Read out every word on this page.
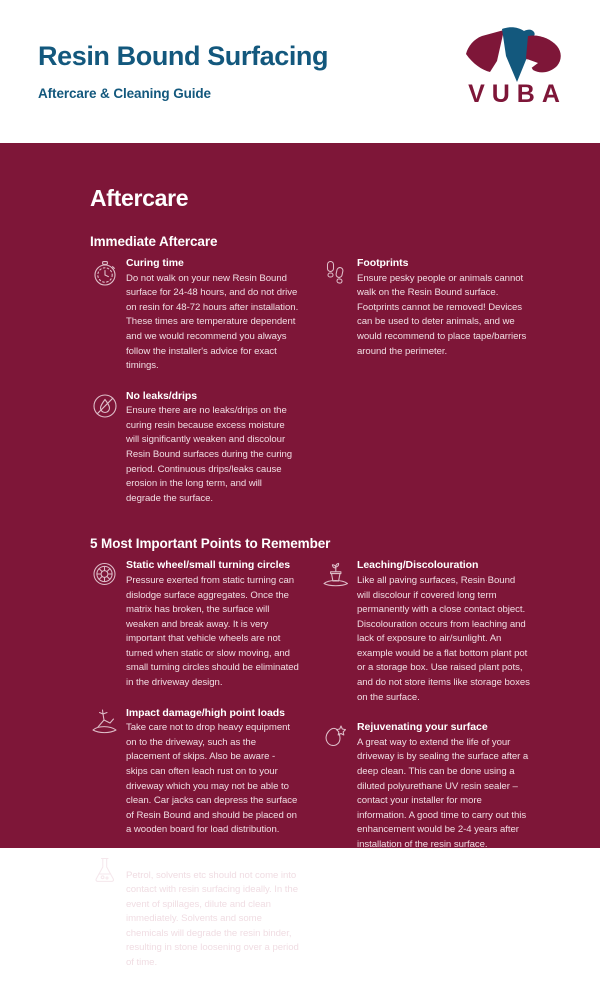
Resin Bound Surfacing
Aftercare & Cleaning Guide	VUBA
Aftercare
Immediate Aftercare
Curing time

Do not walk on your new Resin Bound surface for 24-48 hours, and do not drive on resin for 48-72 hours after installation. These times are temperature dependent and we would recommend you always follow the installer's advice for exact timings.

No leaks/drips

Ensure there are no leaks/drips on the curing resin because excess moisture will significantly weaken and discolour Resin Bound surfaces during the curing period. Continuous drips/leaks cause erosion in the long term, and will degrade the surface.

Footprints

Ensure pesky people or animals cannot walk on the Resin Bound surface. Footprints cannot be removed! Devices can be used to deter animals, and we would recommend to place tape/barriers around the perimeter.

5 Most Important Points to Remember
Static wheel/small turning circles

Pressure exerted from static turning can dislodge surface aggregates. Once the matrix has broken, the surface will weaken and break away. It is very important that vehicle wheels are not turned when static or slow moving, and small turning circles should be eliminated in the driveway design.

Impact damage/high point loads

Take care not to drop heavy equipment on to the driveway, such as the placement of skips. Also be aware - skips can often leach rust on to your driveway which you may not be able to clean. Car jacks can depress the surface of Resin Bound and should be placed on a wooden board for load distribution.

Chemicals and staining

Petrol, solvents etc should not come into contact with resin surfacing ideally. In the event of spillages, dilute and clean immediately. Solvents and some chemicals will degrade the resin binder, resulting in stone loosening over a period of time.

Leaching/Discolouration

Like all paving surfaces, Resin Bound will discolour if covered long term permanently with a close contact object. Discolouration occurs from leaching and lack of exposure to air/sunlight. An example would be a flat bottom plant pot or a storage box. Use raised plant pots, and do not store items like storage boxes on the surface.

Rejuvenating your surface

A great way to extend the life of your driveway is by sealing the surface after a deep clean. This can be done using a diluted polyurethane UV resin sealer – contact your installer for more information. A good time to carry out this enhancement would be 2-4 years after installation of the resin surface.
